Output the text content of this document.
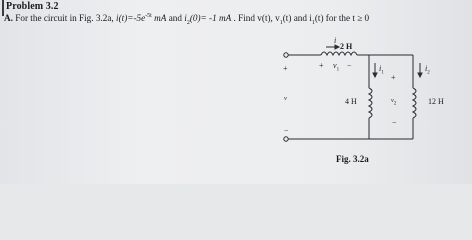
Problem 3.2
A. For the circuit in Fig. 3.2a, $i(t)=-5e^{-5t}$ mA and $i_2(0)= -1$ mA . Find v(t), $v_1(t)$ and $i_1(t)$ for the t ≥ 0
i
2 H
+
v
−
+ $v_1$
−	$i_1$
4 H
+
$v_2$
−
$i_2$
12 H
Fig. 3.2a
